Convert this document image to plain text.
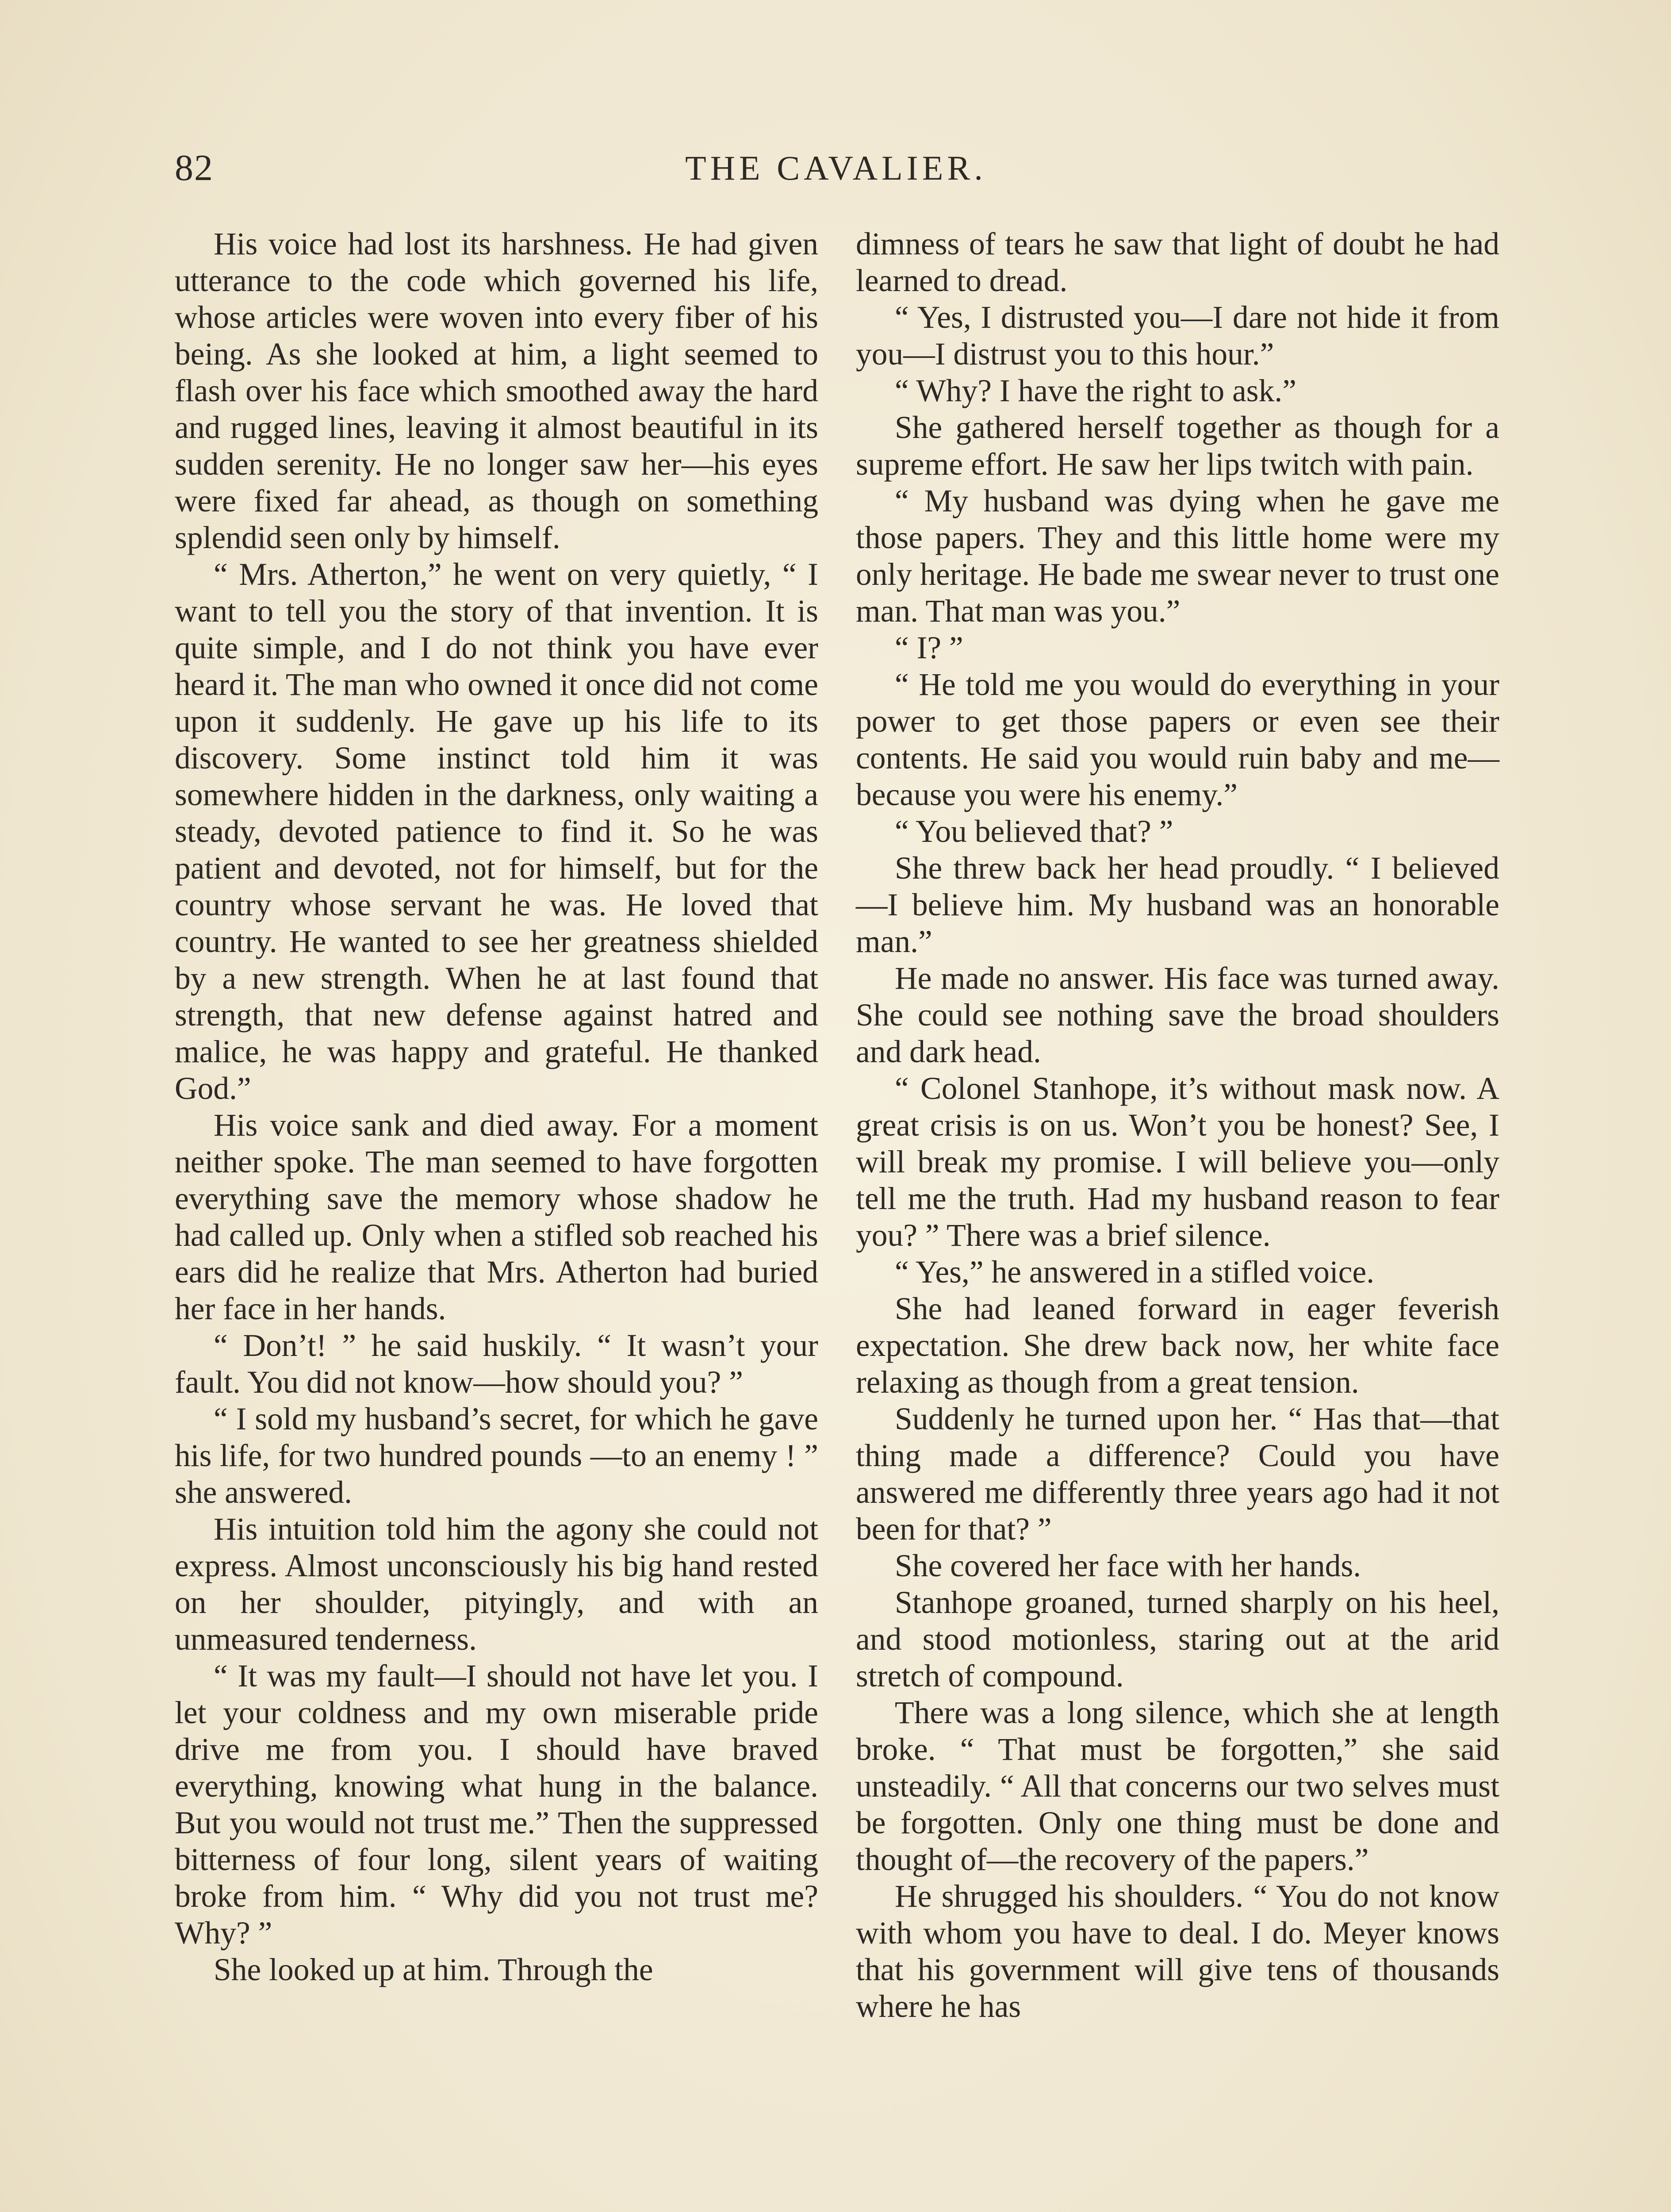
82	THE CAVALIER.

His voice had lost its harshness. He had given utterance to the code which governed his life, whose articles were woven into every fiber of his being. As she looked at him, a light seemed to flash over his face which smoothed away the hard and rugged lines, leaving it almost beautiful in its sudden serenity. He no longer saw her—his eyes were fixed far ahead, as though on something splendid seen only by himself.

“ Mrs. Atherton,” he went on very quietly, “ I want to tell you the story of that invention. It is quite simple, and I do not think you have ever heard it. The man who owned it once did not come upon it suddenly. He gave up his life to its discovery. Some instinct told him it was somewhere hidden in the darkness, only waiting a steady, devoted patience to find it. So he was patient and devoted, not for himself, but for the country whose servant he was. He loved that country. He wanted to see her greatness shielded by a new strength. When he at last found that strength, that new defense against hatred and malice, he was happy and grateful. He thanked God.”

His voice sank and died away. For a moment neither spoke. The man seemed to have forgotten everything save the memory whose shadow he had called up. Only when a stifled sob reached his ears did he realize that Mrs. Atherton had buried her face in her hands.

“ Don’t! ” he said huskily. “ It wasn’t your fault. You did not know—how should you? ”

“ I sold my husband’s secret, for which he gave his life, for two hundred pounds —to an enemy ! ” she answered.

His intuition told him the agony she could not express. Almost unconsciously his big hand rested on her shoulder, pityingly, and with an unmeasured tenderness.

“ It was my fault—I should not have let you. I let your coldness and my own miserable pride drive me from you. I should have braved everything, knowing what hung in the balance. But you would not trust me.” Then the suppressed bitterness of four long, silent years of waiting broke from him. “ Why did you not trust me? Why? ”

She looked up at him. Through the

dimness of tears he saw that light of doubt he had learned to dread.

“ Yes, I distrusted you—I dare not hide it from you—I distrust you to this hour.”

“ Why? I have the right to ask.”

She gathered herself together as though for a supreme effort. He saw her lips twitch with pain.

“ My husband was dying when he gave me those papers. They and this little home were my only heritage. He bade me swear never to trust one man. That man was you.”

“ I? ”

“ He told me you would do everything in your power to get those papers or even see their contents. He said you would ruin baby and me—because you were his enemy.”

“ You believed that? ”

She threw back her head proudly. “ I believed—I believe him. My husband was an honorable man.”

He made no answer. His face was turned away. She could see nothing save the broad shoulders and dark head.

“ Colonel Stanhope, it’s without mask now. A great crisis is on us. Won’t you be honest? See, I will break my promise. I will believe you—only tell me the truth. Had my husband reason to fear you? ” There was a brief silence.

“ Yes,” he answered in a stifled voice.

She had leaned forward in eager feverish expectation. She drew back now, her white face relaxing as though from a great tension.

Suddenly he turned upon her. “ Has that—that thing made a difference? Could you have answered me differently three years ago had it not been for that? ”

She covered her face with her hands.

Stanhope groaned, turned sharply on his heel, and stood motionless, staring out at the arid stretch of compound.

There was a long silence, which she at length broke. “ That must be forgotten,” she said unsteadily. “ All that concerns our two selves must be forgotten. Only one thing must be done and thought of—the recovery of the papers.”

He shrugged his shoulders. “ You do not know with whom you have to deal. I do. Meyer knows that his government will give tens of thousands where he has
